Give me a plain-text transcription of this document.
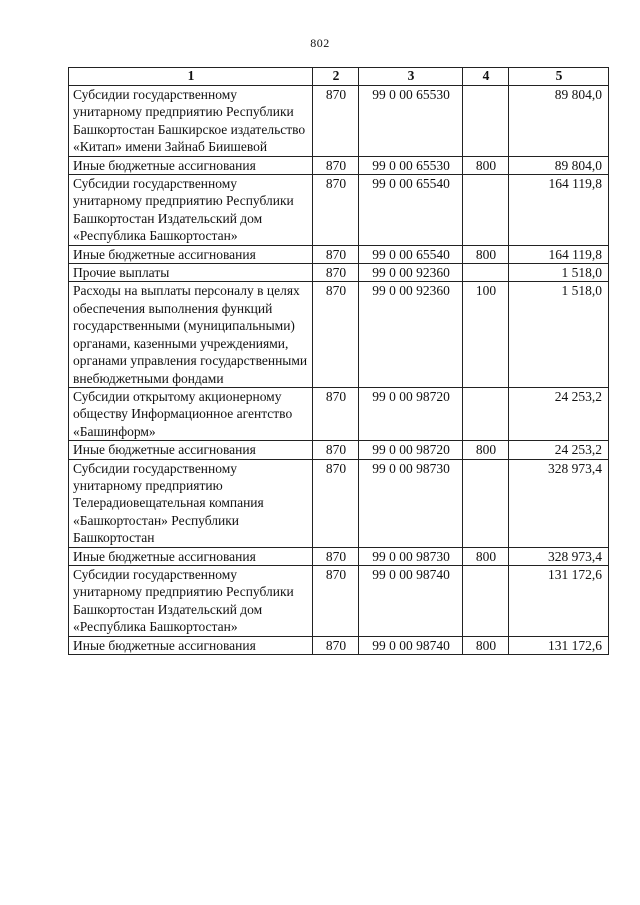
802
1	2	3	4	5
Субсидии государственному унитарному предприятию Республики Башкортостан Башкирское издательство «Китап» имени Зайнаб Биишевой	870	99 0 00 65530		89 804,0
Иные бюджетные ассигнования	870	99 0 00 65530	800	89 804,0
Субсидии государственному унитарному предприятию Республики Башкортостан Издательский дом «Республика Башкортостан»	870	99 0 00 65540		164 119,8
Иные бюджетные ассигнования	870	99 0 00 65540	800	164 119,8
Прочие выплаты	870	99 0 00 92360		1 518,0
Расходы на выплаты персоналу в целях обеспечения выполнения функций государственными (муниципальными) органами, казенными учреждениями, органами управления государственными внебюджетными фондами	870	99 0 00 92360	100	1 518,0
Субсидии открытому акционерному обществу Информационное агентство «Башинформ»	870	99 0 00 98720		24 253,2
Иные бюджетные ассигнования	870	99 0 00 98720	800	24 253,2
Субсидии государственному унитарному предприятию Телерадиовещательная компания «Башкортостан» Республики Башкортостан	870	99 0 00 98730		328 973,4
Иные бюджетные ассигнования	870	99 0 00 98730	800	328 973,4
Субсидии государственному унитарному предприятию Республики Башкортостан Издательский дом «Республика Башкортостан»	870	99 0 00 98740		131 172,6
Иные бюджетные ассигнования	870	99 0 00 98740	800	131 172,6
